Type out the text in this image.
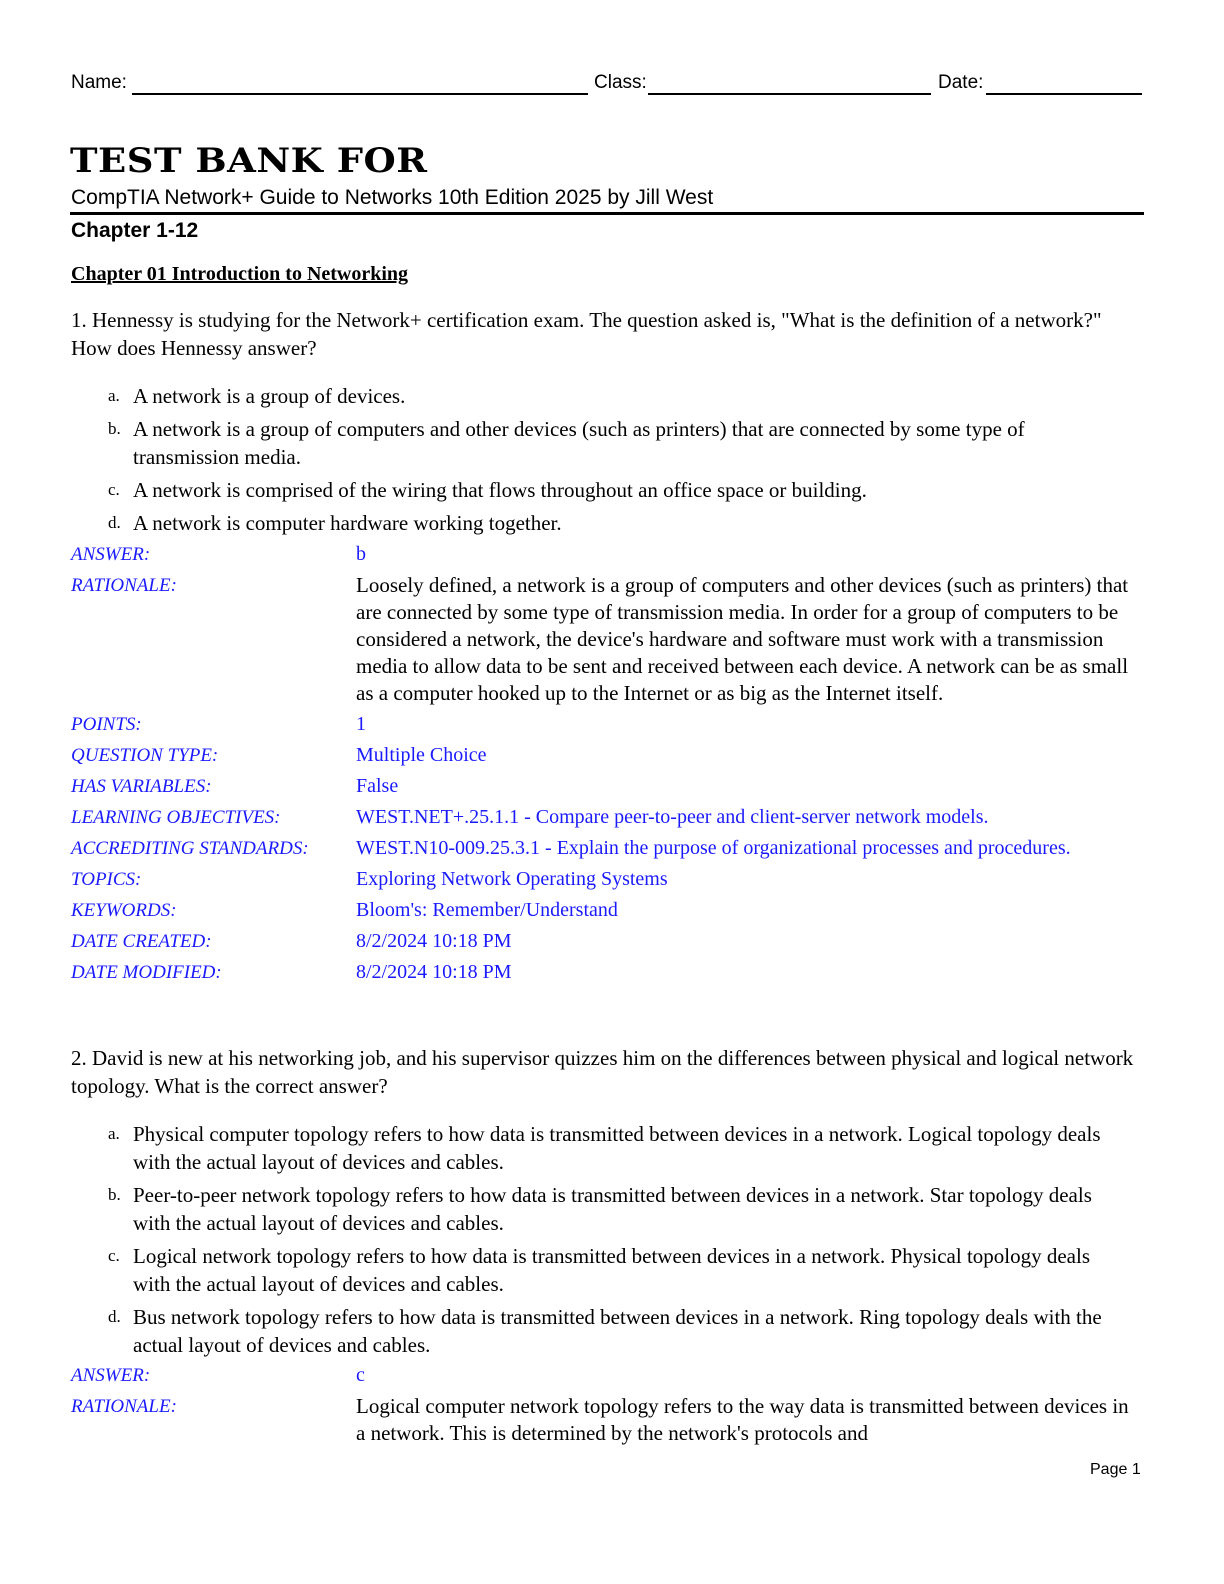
Name:	Class:	Date:
TEST BANK FOR
CompTIA Network+ Guide to Networks 10th Edition 2025 by Jill West
Chapter 1-12
Chapter 01 Introduction to Networking
1. Hennessy is studying for the Network+ certification exam. The question asked is, "What is the definition of a network?" How does Hennessy answer?
a. A network is a group of devices.
b. A network is a group of computers and other devices (such as printers) that are connected by some type of transmission media.
c. A network is comprised of the wiring that flows throughout an office space or building.
d. A network is computer hardware working together.
ANSWER:	b
RATIONALE:	Loosely defined, a network is a group of computers and other devices (such as printers) that are connected by some type of transmission media. In order for a group of computers to be considered a network, the device's hardware and software must work with a transmission media to allow data to be sent and received between each device. A network can be as small as a computer hooked up to the Internet or as big as the Internet itself.
POINTS:	1
QUESTION TYPE:	Multiple Choice
HAS VARIABLES:	False
LEARNING OBJECTIVES:	WEST.NET+.25.1.1 - Compare peer-to-peer and client-server network models.
ACCREDITING STANDARDS: WEST.N10-009.25.3.1 - Explain the purpose of organizational processes and procedures.
TOPICS:	Exploring Network Operating Systems
KEYWORDS:	Bloom's: Remember/Understand
DATE CREATED:	8/2/2024 10:18 PM
DATE MODIFIED:	8/2/2024 10:18 PM
2. David is new at his networking job, and his supervisor quizzes him on the differences between physical and logical network topology. What is the correct answer?
a. Physical computer topology refers to how data is transmitted between devices in a network. Logical topology deals with the actual layout of devices and cables.
b. Peer-to-peer network topology refers to how data is transmitted between devices in a network. Star topology deals with the actual layout of devices and cables.
c. Logical network topology refers to how data is transmitted between devices in a network. Physical topology deals with the actual layout of devices and cables.
d. Bus network topology refers to how data is transmitted between devices in a network. Ring topology deals with the actual layout of devices and cables.
ANSWER:	c
RATIONALE:	Logical computer network topology refers to the way data is transmitted between devices in a network. This is determined by the network's protocols and
Page 1
